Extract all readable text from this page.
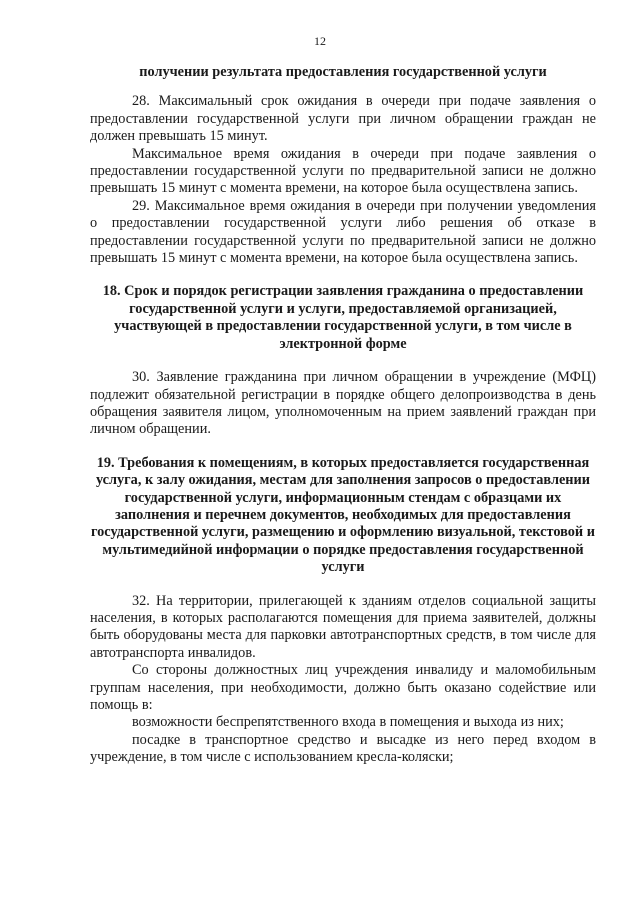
12

получении результата предоставления государственной услуги

28. Максимальный срок ожидания в очереди при подаче заявления о предоставлении государственной услуги при личном обращении граждан не должен превышать 15 минут.

Максимальное время ожидания в очереди при подаче заявления о предоставлении государственной услуги по предварительной записи не должно превышать 15 минут с момента времени, на которое была осуществлена запись.

29. Максимальное время ожидания в очереди при получении уведомления о предоставлении государственной услуги либо решения об отказе в предоставлении государственной услуги по предварительной записи не должно превышать 15 минут с момента времени, на которое была осуществлена запись.

18. Срок и порядок регистрации заявления гражданина о предоставлении государственной услуги и услуги, предоставляемой организацией, участвующей в предоставлении государственной услуги, в том числе в электронной форме

30. Заявление гражданина при личном обращении в учреждение (МФЦ) подлежит обязательной регистрации в порядке общего делопроизводства в день обращения заявителя лицом, уполномоченным на прием заявлений граждан при личном обращении.

19. Требования к помещениям, в которых предоставляется государственная услуга, к залу ожидания, местам для заполнения запросов о предоставлении государственной услуги, информационным стендам с образцами их заполнения и перечнем документов, необходимых для предоставления государственной услуги, размещению и оформлению визуальной, текстовой и мультимедийной информации о порядке предоставления государственной услуги

32. На территории, прилегающей к зданиям отделов социальной защиты населения, в которых располагаются помещения для приема заявителей, должны быть оборудованы места для парковки автотранспортных средств, в том числе для автотранспорта инвалидов.

Со стороны должностных лиц учреждения инвалиду и маломобильным группам населения, при необходимости, должно быть оказано содействие или помощь в:

возможности беспрепятственного входа в помещения и выхода из них;

посадке в транспортное средство и высадке из него перед входом в учреждение, в том числе с использованием кресла-коляски;
